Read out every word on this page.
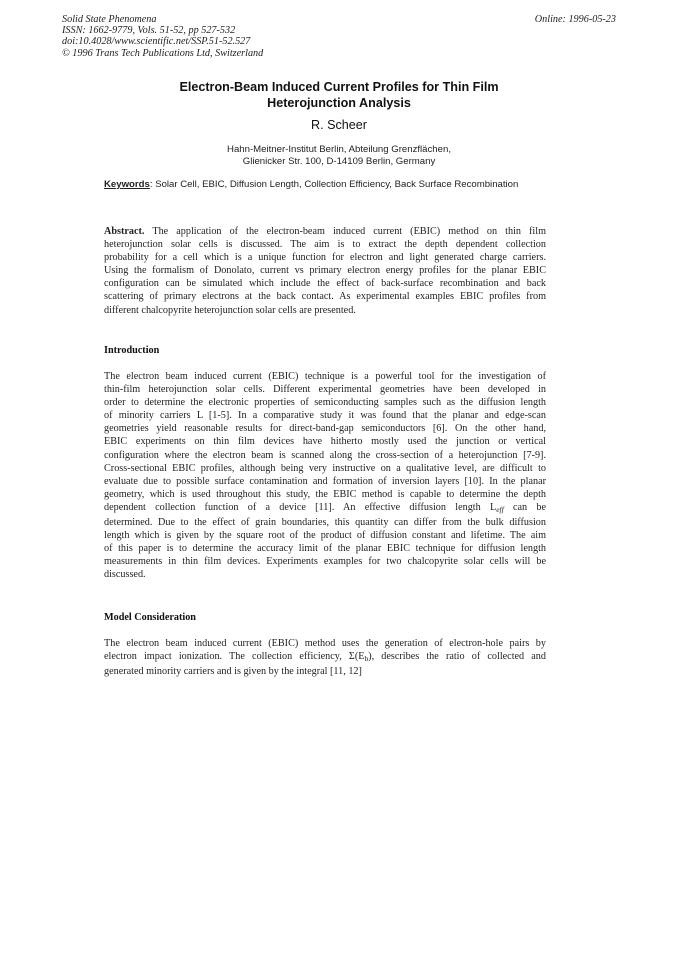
Solid State Phenomena
ISSN: 1662-9779, Vols. 51-52, pp 527-532
doi:10.4028/www.scientific.net/SSP.51-52.527
© 1996 Trans Tech Publications Ltd, Switzerland
Online: 1996-05-23
Electron-Beam Induced Current Profiles for Thin Film
Heterojunction Analysis
R. Scheer
Hahn-Meitner-Institut Berlin, Abteilung Grenzflächen,
Glienicker Str. 100, D-14109 Berlin, Germany
Keywords: Solar Cell, EBIC, Diffusion Length, Collection Efficiency, Back Surface Recombination
Abstract. The application of the electron-beam induced current (EBIC) method on thin film
heterojunction solar cells is discussed. The aim is to extract the depth dependent collection
probability for a cell which is a unique function for electron and light generated charge carriers.
Using the formalism of Donolato, current vs primary electron energy profiles for the planar EBIC
configuration can be simulated which include the effect of back-surface recombination and back
scattering of primary electrons at the back contact. As experimental examples EBIC profiles from
different chalcopyrite heterojunction solar cells are presented.
Introduction
The electron beam induced current (EBIC) technique is a powerful tool for the investigation of
thin-film heterojunction solar cells. Different experimental geometries have been developed in
order to determine the electronic properties of semiconducting samples such as the diffusion length
of minority carriers L [1-5]. In a comparative study it was found that the planar and edge-scan
geometries yield reasonable results for direct-band-gap semiconductors [6]. On the other hand,
EBIC experiments on thin film devices have hitherto mostly used the junction or vertical
configuration where the electron beam is scanned along the cross-section of a heterojunction [7-9].
Cross-sectional EBIC profiles, although being very instructive on a qualitative level, are difficult to
evaluate due to possible surface contamination and formation of inversion layers [10]. In the planar
geometry, which is used throughout this study, the EBIC method is capable to determine the depth
dependent collection function of a device [11]. An effective diffusion length $L_{eff}$ can be
determined. Due to the effect of grain boundaries, this quantity can differ from the bulk diffusion
length which is given by the square root of the product of diffusion constant and lifetime. The aim
of this paper is to determine the accuracy limit of the planar EBIC technique for diffusion length
measurements in thin film devices. Experiments examples for two chalcopyrite solar cells will be
discussed.
Model Consideration
The electron beam induced current (EBIC) method uses the generation of electron-hole pairs by
electron impact ionization. The collection efficiency, $\Sigma(E_b)$, describes the ratio of collected and
generated minority carriers and is given by the integral [11, 12]
